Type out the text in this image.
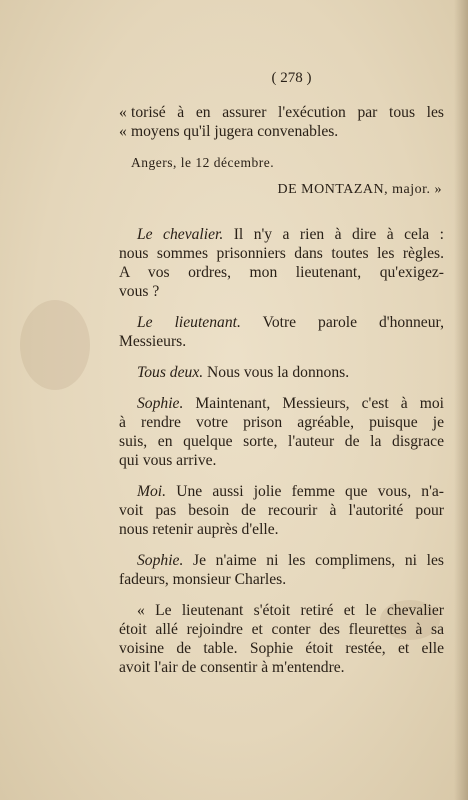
( 278 )
« torisé à en assurer l'exécution par tous les
« moyens qu'il jugera convenables.
Angers, le 12 décembre.
DE MONTAZAN, major. »
Le chevalier. Il n'y a rien à dire à cela :
nous sommes prisonniers dans toutes les règles.
A vos ordres, mon lieutenant, qu'exigez-
vous ?
Le lieutenant. Votre parole d'honneur,
Messieurs.
Tous deux. Nous vous la donnons.
Sophie. Maintenant, Messieurs, c'est à moi
à rendre votre prison agréable, puisque je
suis, en quelque sorte, l'auteur de la disgrace
qui vous arrive.
Moi. Une aussi jolie femme que vous, n'a-
voit pas besoin de recourir à l'autorité pour
nous retenir auprès d'elle.
Sophie. Je n'aime ni les complimens, ni les
fadeurs, monsieur Charles.
« Le lieutenant s'étoit retiré et le chevalier
étoit allé rejoindre et conter des fleurettes à sa
voisine de table. Sophie étoit restée, et elle
avoit l'air de consentir à m'entendre.
